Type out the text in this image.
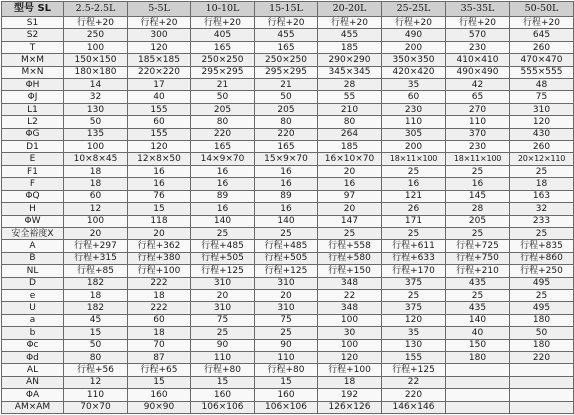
型号 SL	2.5-2.5L	5-5L	10-10L	15-15L	20-20L	25-25L	35-35L	50-50L
S1	行程+20	行程+20	行程+20	行程+20	行程+20	行程+20	行程+20	行程+20
S2	250	300	405	455	455	490	570	645
T	100	120	165	165	185	200	230	260
M×M	150×150	185×185	250×250	250×250	290×290	350×350	410×410	470×470
M×N	180×180	220×220	295×295	295×295	345×345	420×420	490×490	555×555
ΦH	14	17	21	21	28	35	42	48
ΦJ	32	40	50	50	55	60	65	75
L1	130	155	205	205	210	230	270	310
L2	50	60	80	80	80	110	110	120
ΦG	135	155	220	220	264	305	370	430
D1	100	120	165	165	185	200	230	260
E	10×8×45	12×8×50	14×9×70	15×9×70	16×10×70	18×11×100	18×11×100	20×12×110
F1	18	16	16	16	20	25	25	25
F	18	16	16	16	16	16	16	18
ΦQ	60	76	89	89	97	121	145	163
H	12	15	16	16	20	26	28	32
ΦW	100	118	140	140	147	171	205	233
安全裕度X	20	20	25	25	25	25	25	25
A	行程+297	行程+362	行程+485	行程+485	行程+558	行程+611	行程+725	行程+835
B	行程+315	行程+380	行程+505	行程+505	行程+580	行程+633	行程+750	行程+860
NL	行程+85	行程+100	行程+125	行程+125	行程+150	行程+170	行程+210	行程+250
D	182	222	310	310	348	375	435	495
e	18	18	20	20	22	25	25	25
U	182	222	310	310	348	375	435	495
a	45	60	75	75	100	120	140	180
b	15	18	25	25	30	35	40	50
Φc	50	70	90	90	100	130	150	180
Φd	80	87	110	110	120	155	180	220
AL	行程+56	行程+65	行程+80	行程+80	行程+100	行程+125		
AN	12	15	15	15	18	22		
ΦA	110	160	160	160	192	220		
AM×AM	70×70	90×90	106×106	106×106	126×126	146×146		
